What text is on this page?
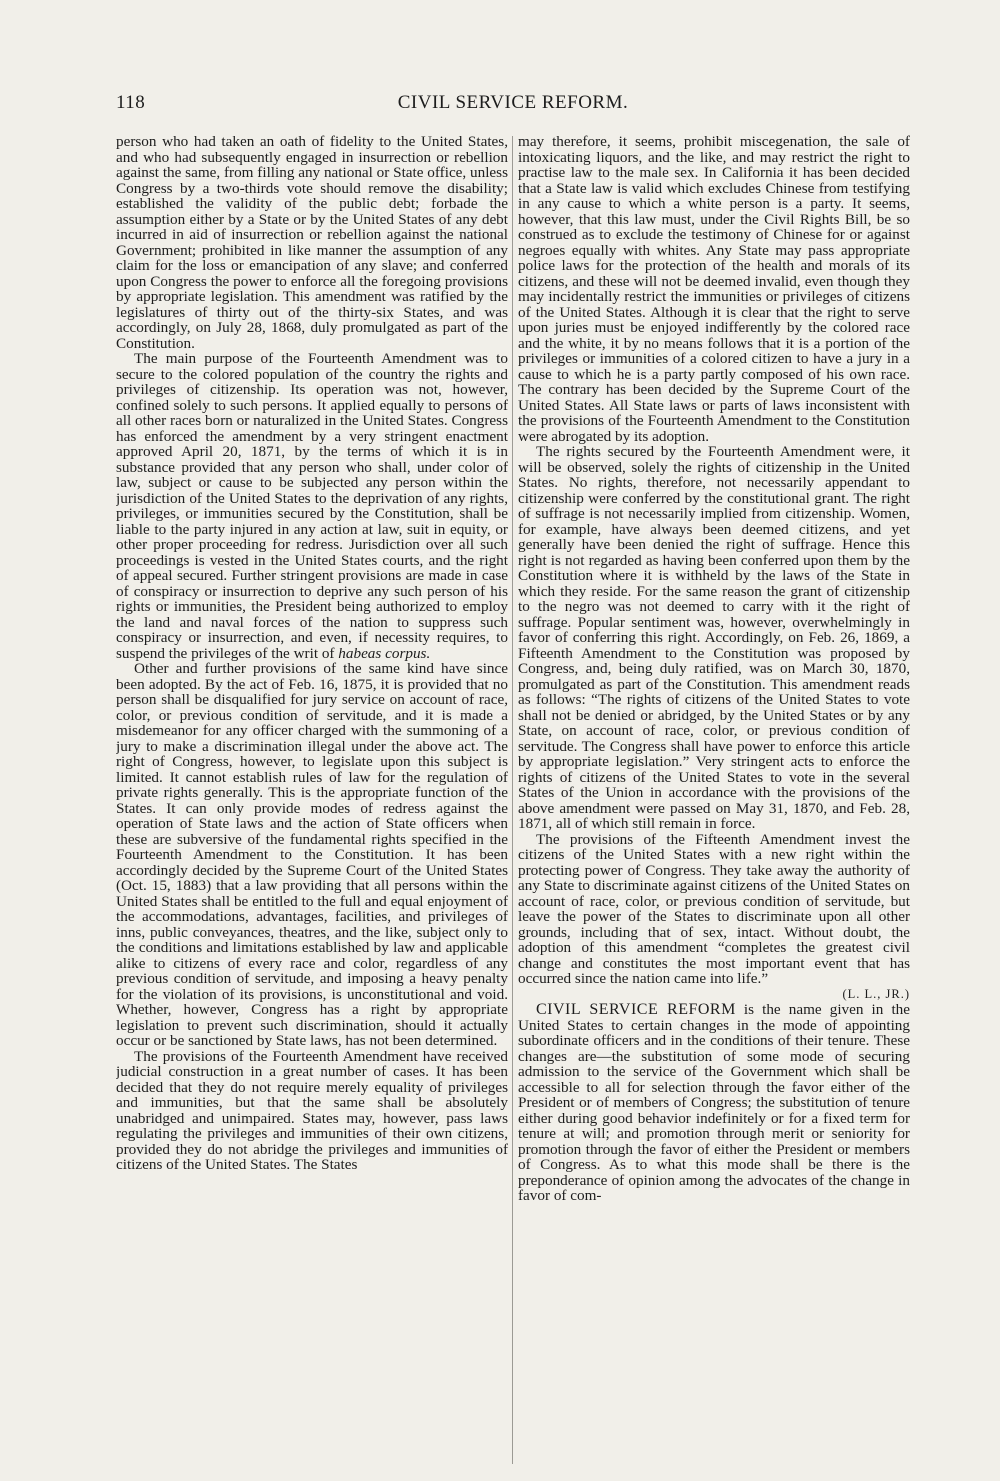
118	CIVIL SERVICE REFORM.

person who had taken an oath of fidelity to the United States, and who had subsequently engaged in insurrection or rebellion against the same, from filling any national or State office, unless Congress by a two-thirds vote should remove the disability; established the validity of the public debt; forbade the assumption either by a State or by the United States of any debt incurred in aid of insurrection or rebellion against the national Government; prohibited in like manner the assumption of any claim for the loss or emancipation of any slave; and conferred upon Congress the power to enforce all the foregoing provisions by appropriate legislation. This amendment was ratified by the legislatures of thirty out of the thirty-six States, and was accordingly, on July 28, 1868, duly promulgated as part of the Constitution.

The main purpose of the Fourteenth Amendment was to secure to the colored population of the country the rights and privileges of citizenship. Its operation was not, however, confined solely to such persons. It applied equally to persons of all other races born or naturalized in the United States. Congress has enforced the amendment by a very stringent enactment approved April 20, 1871, by the terms of which it is in substance provided that any person who shall, under color of law, subject or cause to be subjected any person within the jurisdiction of the United States to the deprivation of any rights, privileges, or immunities secured by the Constitution, shall be liable to the party injured in any action at law, suit in equity, or other proper proceeding for redress. Jurisdiction over all such proceedings is vested in the United States courts, and the right of appeal secured. Further stringent provisions are made in case of conspiracy or insurrection to deprive any such person of his rights or immunities, the President being authorized to employ the land and naval forces of the nation to suppress such conspiracy or insurrection, and even, if necessity requires, to suspend the privileges of the writ of habeas corpus.

Other and further provisions of the same kind have since been adopted. By the act of Feb. 16, 1875, it is provided that no person shall be disqualified for jury service on account of race, color, or previous condition of servitude, and it is made a misdemeanor for any officer charged with the summoning of a jury to make a discrimination illegal under the above act. The right of Congress, however, to legislate upon this subject is limited. It cannot establish rules of law for the regulation of private rights generally. This is the appropriate function of the States. It can only provide modes of redress against the operation of State laws and the action of State officers when these are subversive of the fundamental rights specified in the Fourteenth Amendment to the Constitution. It has been accordingly decided by the Supreme Court of the United States (Oct. 15, 1883) that a law providing that all persons within the United States shall be entitled to the full and equal enjoyment of the accommodations, advantages, facilities, and privileges of inns, public conveyances, theatres, and the like, subject only to the conditions and limitations established by law and applicable alike to citizens of every race and color, regardless of any previous condition of servitude, and imposing a heavy penalty for the violation of its provisions, is unconstitutional and void. Whether, however, Congress has a right by appropriate legislation to prevent such discrimination, should it actually occur or be sanctioned by State laws, has not been determined.

The provisions of the Fourteenth Amendment have received judicial construction in a great number of cases. It has been decided that they do not require merely equality of privileges and immunities, but that the same shall be absolutely unabridged and unimpaired. States may, however, pass laws regulating the privileges and immunities of their own citizens, provided they do not abridge the privileges and immunities of citizens of the United States. The States

may therefore, it seems, prohibit miscegenation, the sale of intoxicating liquors, and the like, and may restrict the right to practise law to the male sex. In California it has been decided that a State law is valid which excludes Chinese from testifying in any cause to which a white person is a party. It seems, however, that this law must, under the Civil Rights Bill, be so construed as to exclude the testimony of Chinese for or against negroes equally with whites. Any State may pass appropriate police laws for the protection of the health and morals of its citizens, and these will not be deemed invalid, even though they may incidentally restrict the immunities or privileges of citizens of the United States. Although it is clear that the right to serve upon juries must be enjoyed indifferently by the colored race and the white, it by no means follows that it is a portion of the privileges or immunities of a colored citizen to have a jury in a cause to which he is a party partly composed of his own race. The contrary has been decided by the Supreme Court of the United States. All State laws or parts of laws inconsistent with the provisions of the Fourteenth Amendment to the Constitution were abrogated by its adoption.

The rights secured by the Fourteenth Amendment were, it will be observed, solely the rights of citizenship in the United States. No rights, therefore, not necessarily appendant to citizenship were conferred by the constitutional grant. The right of suffrage is not necessarily implied from citizenship. Women, for example, have always been deemed citizens, and yet generally have been denied the right of suffrage. Hence this right is not regarded as having been conferred upon them by the Constitution where it is withheld by the laws of the State in which they reside. For the same reason the grant of citizenship to the negro was not deemed to carry with it the right of suffrage. Popular sentiment was, however, overwhelmingly in favor of conferring this right. Accordingly, on Feb. 26, 1869, a Fifteenth Amendment to the Constitution was proposed by Congress, and, being duly ratified, was on March 30, 1870, promulgated as part of the Constitution. This amendment reads as follows: “The rights of citizens of the United States to vote shall not be denied or abridged, by the United States or by any State, on account of race, color, or previous condition of servitude. The Congress shall have power to enforce this article by appropriate legislation.” Very stringent acts to enforce the rights of citizens of the United States to vote in the several States of the Union in accordance with the provisions of the above amendment were passed on May 31, 1870, and Feb. 28, 1871, all of which still remain in force.

The provisions of the Fifteenth Amendment invest the citizens of the United States with a new right within the protecting power of Congress. They take away the authority of any State to discriminate against citizens of the United States on account of race, color, or previous condition of servitude, but leave the power of the States to discriminate upon all other grounds, including that of sex, intact. Without doubt, the adoption of this amendment “completes the greatest civil change and constitutes the most important event that has occurred since the nation came into life.”

(L. L., JR.)

CIVIL SERVICE REFORM is the name given in the United States to certain changes in the mode of appointing subordinate officers and in the conditions of their tenure. These changes are—the substitution of some mode of securing admission to the service of the Government which shall be accessible to all for selection through the favor either of the President or of members of Congress; the substitution of tenure either during good behavior indefinitely or for a fixed term for tenure at will; and promotion through merit or seniority for promotion through the favor of either the President or members of Congress. As to what this mode shall be there is the preponderance of opinion among the advocates of the change in favor of com-
